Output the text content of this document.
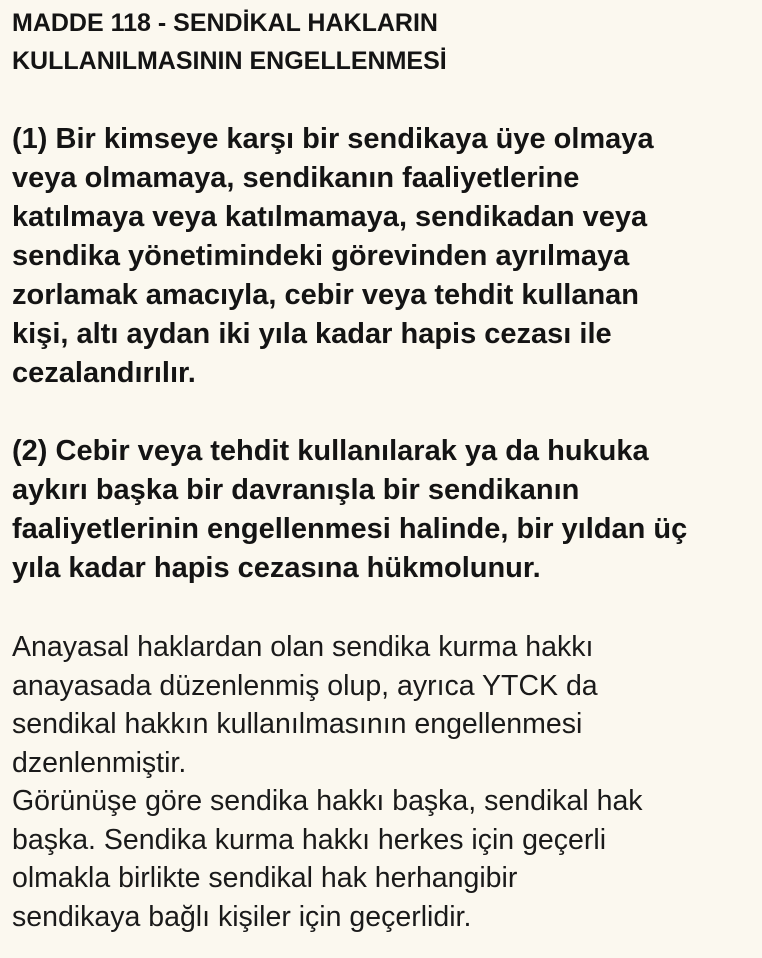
MADDE 118 - SENDİKAL HAKLARIN
KULLANILMASININ ENGELLENMESİ

(1) Bir kimseye karşı bir sendikaya üye olmaya
veya olmamaya, sendikanın faaliyetlerine
katılmaya veya katılmamaya, sendikadan veya
sendika yönetimindeki görevinden ayrılmaya
zorlamak amacıyla, cebir veya tehdit kullanan
kişi, altı aydan iki yıla kadar hapis cezası ile
cezalandırılır.

(2) Cebir veya tehdit kullanılarak ya da hukuka
aykırı başka bir davranışla bir sendikanın
faaliyetlerinin engellenmesi halinde, bir yıldan üç
yıla kadar hapis cezasına hükmolunur.

Anayasal haklardan olan sendika kurma hakkı
anayasada düzenlenmiş olup, ayrıca YTCK da
sendikal hakkın kullanılmasının engellenmesi
dzenlenmiştir.
Görünüşe göre sendika hakkı başka, sendikal hak
başka. Sendika kurma hakkı herkes için geçerli
olmakla birlikte sendikal hak herhangibir
sendikaya bağlı kişiler için geçerlidir.
